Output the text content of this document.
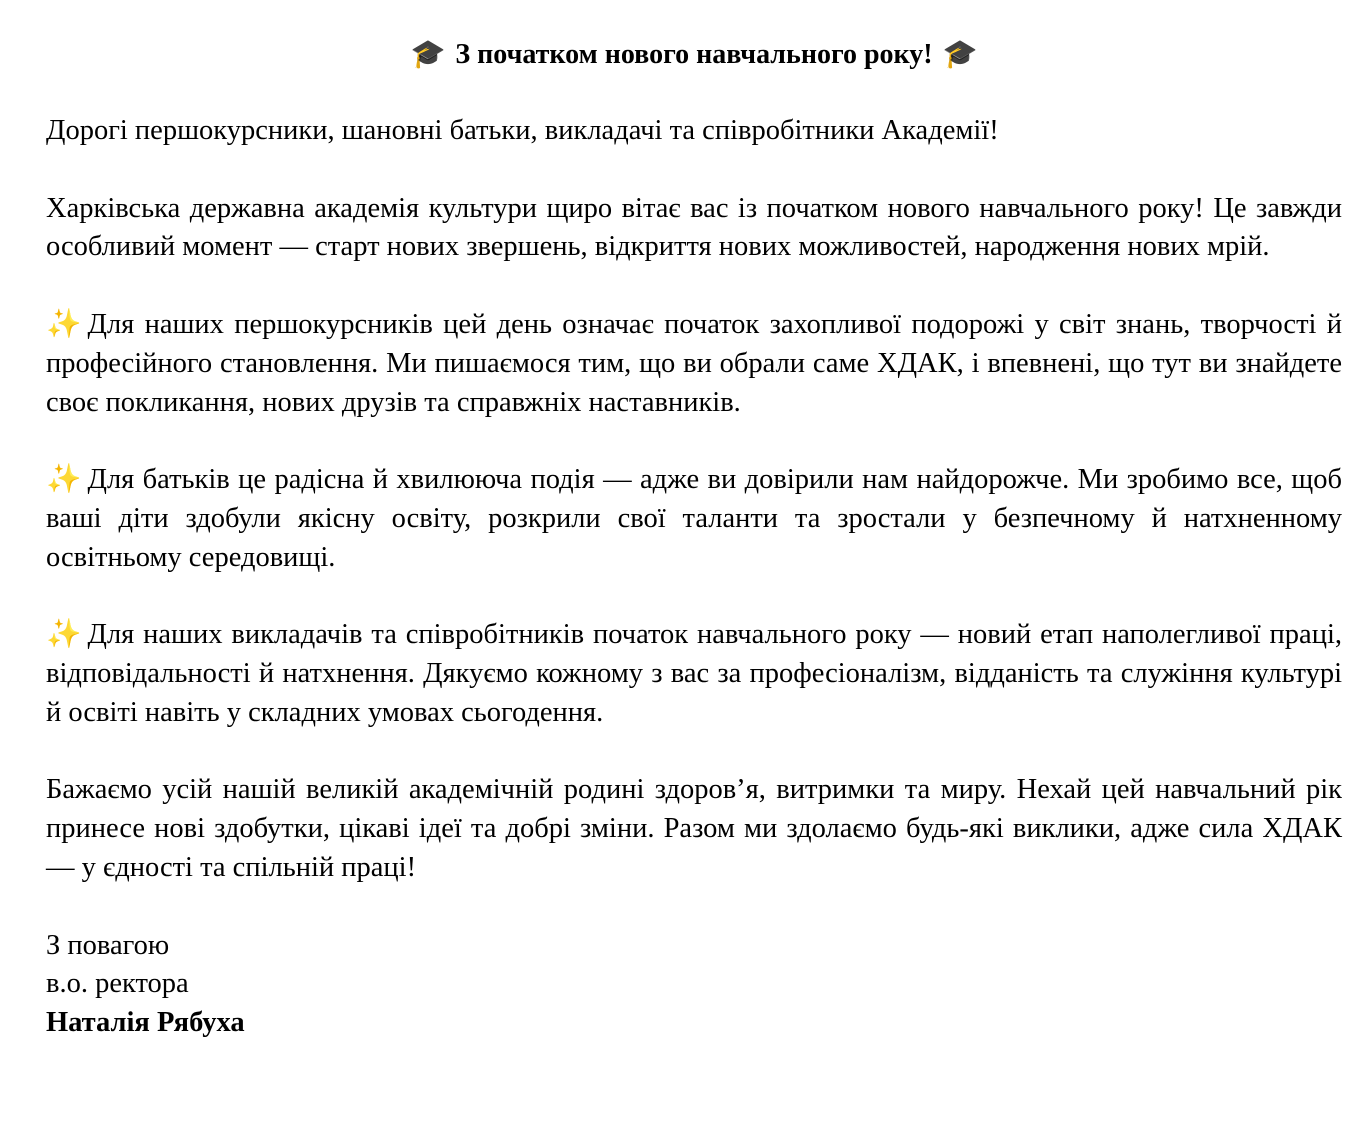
🎓 З початком нового навчального року! 🎓

Дорогі першокурсники, шановні батьки, викладачі та співробітники Академії!

Харківська державна академія культури щиро вітає вас із початком нового навчального року! Це завжди особливий момент — старт нових звершень, відкриття нових можливостей, народження нових мрій.

✨ Для наших першокурсників цей день означає початок захопливої подорожі у світ знань, творчості й професійного становлення. Ми пишаємося тим, що ви обрали саме ХДАК, і впевнені, що тут ви знайдете своє покликання, нових друзів та справжніх наставників.

✨ Для батьків це радісна й хвилююча подія — адже ви довірили нам найдорожче. Ми зробимо все, щоб ваші діти здобули якісну освіту, розкрили свої таланти та зростали у безпечному й натхненному освітньому середовищі.

✨ Для наших викладачів та співробітників початок навчального року — новий етап наполегливої праці, відповідальності й натхнення. Дякуємо кожному з вас за професіоналізм, відданість та служіння культурі й освіті навіть у складних умовах сьогодення.

Бажаємо усій нашій великій академічній родині здоров’я, витримки та миру. Нехай цей навчальний рік принесе нові здобутки, цікаві ідеї та добрі зміни. Разом ми здолаємо будь-які виклики, адже сила ХДАК — у єдності та спільній праці!

З повагою
в.о. ректора
Наталія Рябуха
